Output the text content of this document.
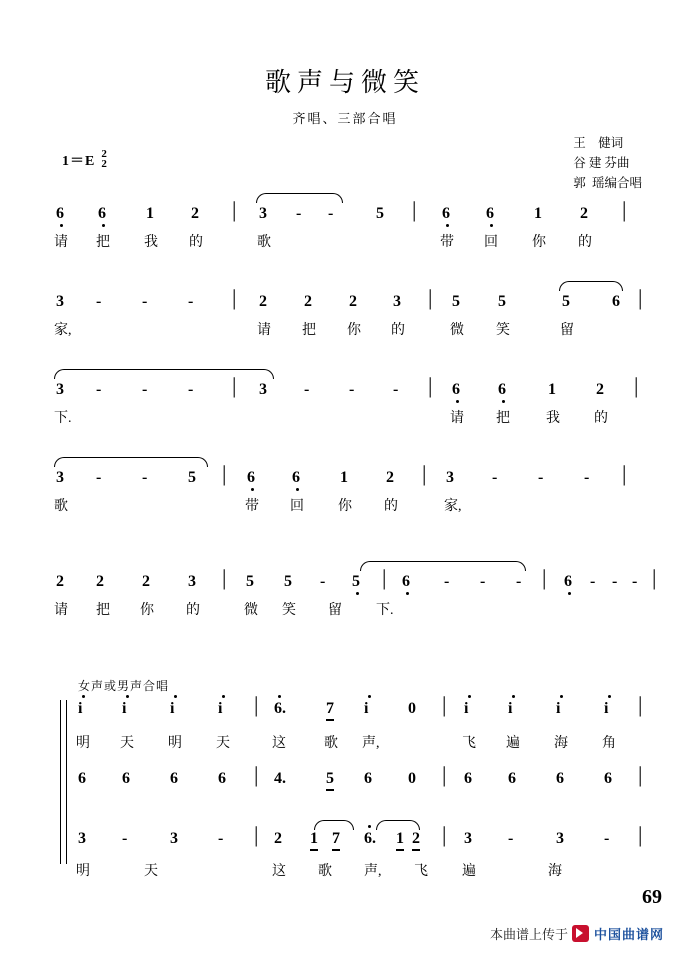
歌声与微笑
齐唱、三部合唱
王    健词
谷 建 芬曲
郭  瑶编合唱
1＝E 2
2
6 6	1 2 | 3 - -	5 | 6 6	1 2 |
请 把 我 的	歌	带 回 你 的
3 -	-	- | 2 2 2 3 | 5 5	5	6 |
家,	请 把 你 的	微 笑	留
3 -	-	- | 3 - - - | 6 6	1	2 |
下.	请 把	我 的
3 -	-	5 | 6 6	1 2 | 3 -	-	- |
歌	带 回 你 的	家,
2 2 2 3 | 5 5 - 5 | 6 - - - | 6 - - - |
请 把 你 的	微 笑 留 下.
女声或男声合唱
i i	i	i | 6.	7 i 0 | i i	i	i |
明 天 明 天	这	歌 声,	飞 遍 海 角
6 6	6	6 | 4.	5 6 0 | 6 6	6	6 |
3 -	3	- | 2 1 7 6. 1 2 | 3 -	3	- |
明	天	这 歌 声, 飞 遍	海
69
本曲谱上传于 中国曲谱网
